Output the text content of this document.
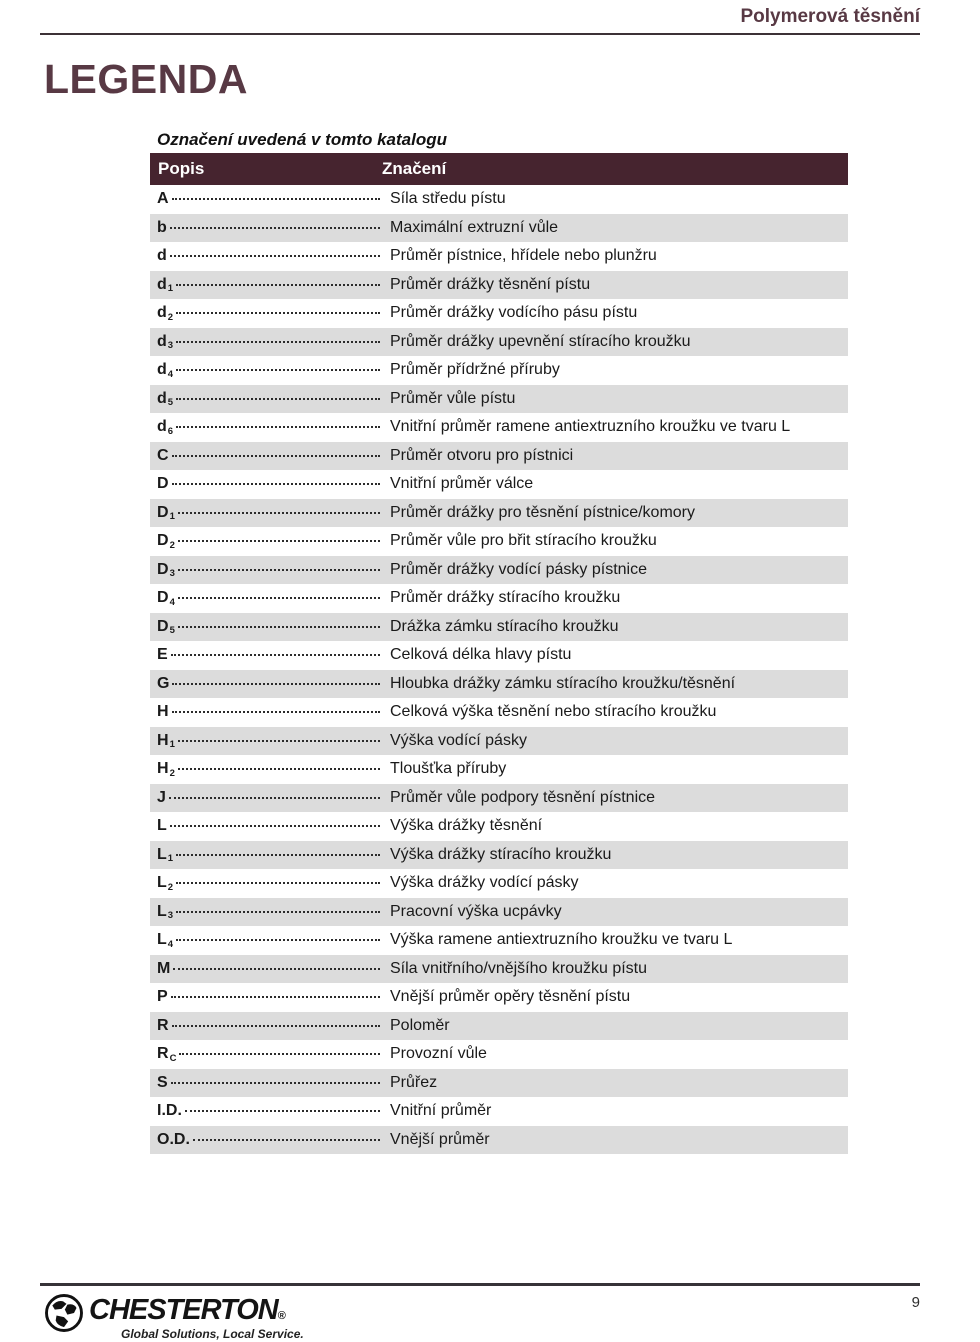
Polymerová těsnění
LEGENDA
Označení uvedená v tomto katalogu
Popis	Značení
A	Síla středu pístu
b	Maximální extruzní vůle
d	Průměr pístnice, hřídele nebo plunžru
d 1	Průměr drážky těsnění pístu
d 2	Průměr drážky vodícího pásu pístu
d 3	Průměr drážky upevnění stíracího kroužku
d 4	Průměr přídržné příruby
d 5	Průměr vůle pístu
d 6	Vnitřní průměr ramene antiextruzního kroužku ve tvaru L
C	Průměr otvoru pro pístnici
D	Vnitřní průměr válce
D 1	Průměr drážky pro těsnění pístnice/komory
D 2	Průměr vůle pro břit stíracího kroužku
D 3	Průměr drážky vodící pásky pístnice
D 4	Průměr drážky stíracího kroužku
D 5	Drážka zámku stíracího kroužku
E	Celková délka hlavy pístu
G	Hloubka drážky zámku stíracího kroužku/těsnění
H	Celková výška těsnění nebo stíracího kroužku
H 1	Výška vodící pásky
H 2	Tloušťka příruby
J	Průměr vůle podpory těsnění pístnice
L	Výška drážky těsnění
L 1	Výška drážky stíracího kroužku
L 2	Výška drážky vodící pásky
L 3	Pracovní výška ucpávky
L 4	Výška ramene antiextruzního kroužku ve tvaru L
M	Síla vnitřního/vnějšího kroužku pístu
P	Vnější průměr opěry těsnění pístu
R	Poloměr
R C	Provozní vůle
S	Průřez
I.D.	Vnitřní průměr
O.D.	Vnější průměr
CHESTERTON®
Global Solutions, Local Service.
9
